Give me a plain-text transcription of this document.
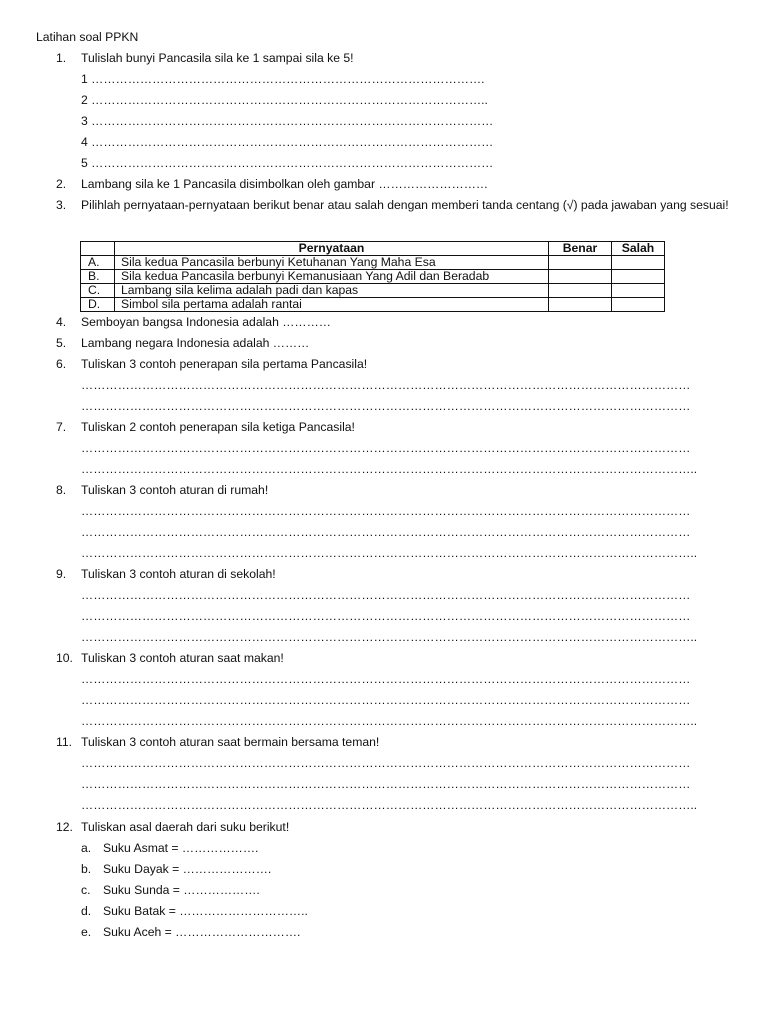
Latihan soal PPKN
1.	Tulislah bunyi Pancasila sila ke 1 sampai sila ke 5!
1 …………………………………………………………………………………….
2 ……………………………………………………………………………………..
3 ………………………………………………………………………………………
4 ………………………………………………………………………………………
5 ………………………………………………………………………………………
2.	Lambang sila ke 1 Pancasila disimbolkan oleh gambar ………………………
3.	Pilihlah pernyataan-pernyataan berikut benar atau salah dengan memberi tanda centang (√) pada jawaban yang sesuai!
	Pernyataan	Benar	Salah
A.	Sila kedua Pancasila berbunyi Ketuhanan Yang Maha Esa		
B.	Sila kedua Pancasila berbunyi Kemanusiaan Yang Adil dan Beradab		
C.	Lambang sila kelima adalah padi dan kapas		
D.	Simbol sila pertama adalah rantai		
4.	Semboyan bangsa Indonesia adalah …………
5.	Lambang negara Indonesia adalah ………
6.	Tuliskan 3 contoh penerapan sila pertama Pancasila!
……………………………………………………………………………………………………………………………………
……………………………………………………………………………………………………………………………………
7.	Tuliskan 2 contoh penerapan sila ketiga Pancasila!
……………………………………………………………………………………………………………………………………
……………………………………………………………………………………………………………………………………..
8.	Tuliskan 3 contoh aturan di rumah!
……………………………………………………………………………………………………………………………………
……………………………………………………………………………………………………………………………………
……………………………………………………………………………………………………………………………………..
9.	Tuliskan 3 contoh aturan di sekolah!
……………………………………………………………………………………………………………………………………
……………………………………………………………………………………………………………………………………
……………………………………………………………………………………………………………………………………..
10. Tuliskan 3 contoh aturan saat makan!
……………………………………………………………………………………………………………………………………
……………………………………………………………………………………………………………………………………
……………………………………………………………………………………………………………………………………..
11. Tuliskan 3 contoh aturan saat bermain bersama teman!
……………………………………………………………………………………………………………………………………
……………………………………………………………………………………………………………………………………
……………………………………………………………………………………………………………………………………..
12. Tuliskan asal daerah dari suku berikut!
a. Suku Asmat = ……………….
b. Suku Dayak = ………………….
c. Suku Sunda = ……………….
d. Suku Batak = …………………………..
e. Suku Aceh = ………………………….
